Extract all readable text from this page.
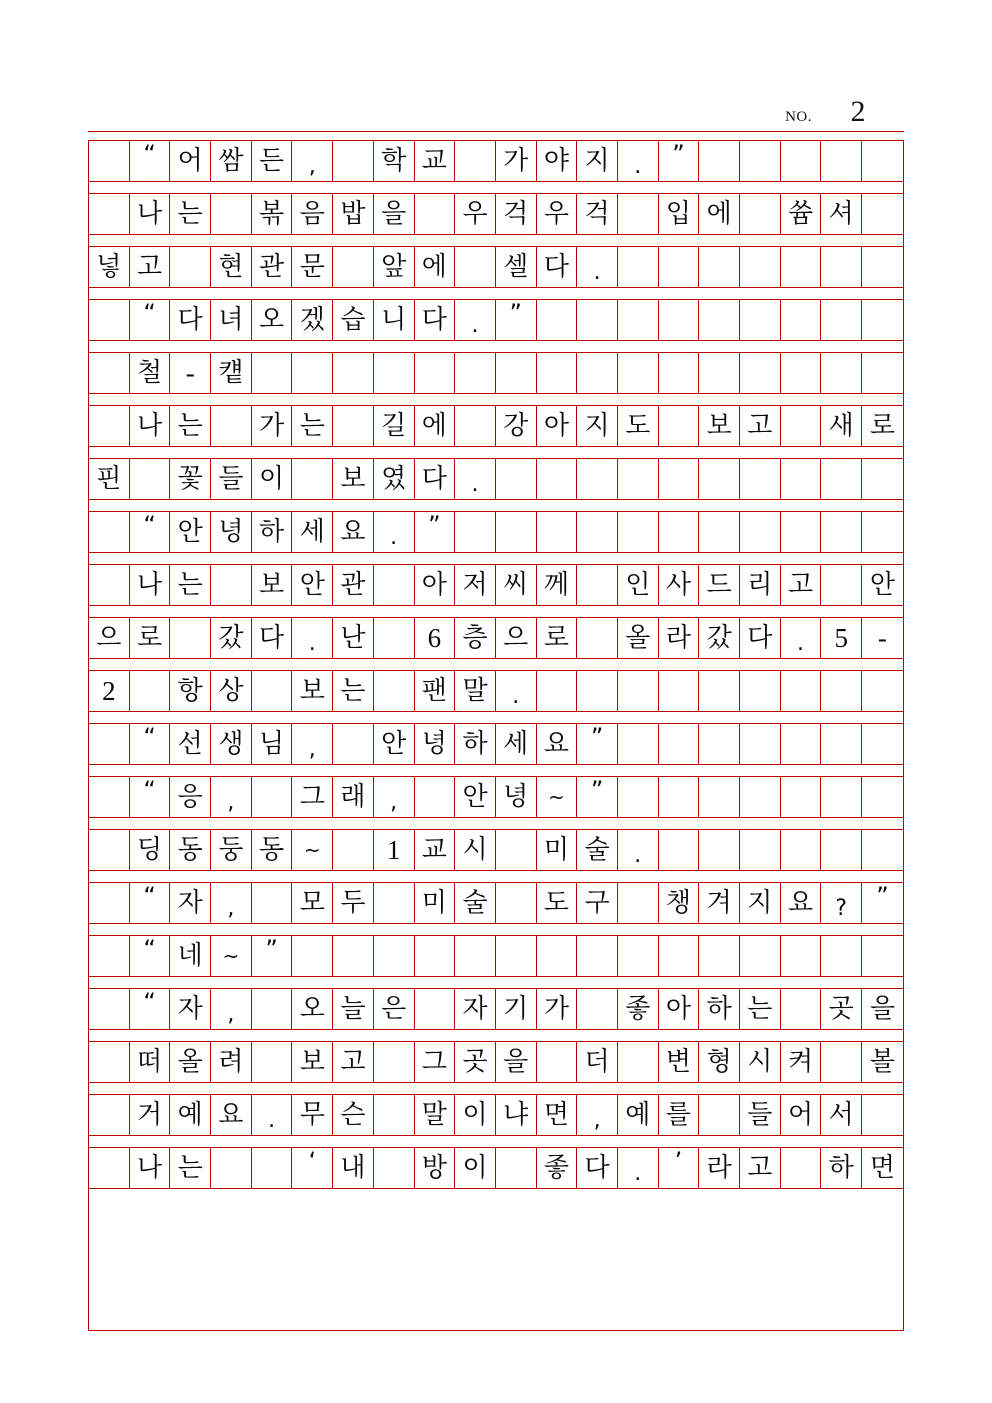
NO.	2
“ 어 쌈 든	,	학 교	가 야 지	.	”
나 는	볶 음 밥 을	우 걱 우 걱	입 에	쓤 셔
넣 고	현 관 문	앞 에	셀 다	.
“ 다 녀 오 겠 습 니 다	.	”
철 - 컡
나 는	가 는	길 에	강 아 지 도	보 고	새 로
핀	꽃 들 이	보 였 다	.
“ 안 녕 하 세 요	.	”
나 는	보 안 관	아 저 씨 께	인 사 드 리 고	안
으 로	갔 다	. 난	6 층 으 로	올 라 갔 다	.	5	-
2	항 상	보 는	팬 말	.
“ 선 생 님	,	안 녕 하 세 요 ”
“ 응	,	그 래	,	안 녕 ~	”
딩 동 둥 동 ~	1 교 시	미 술	.
“ 자	,	모 두	미 술	도 구	챙 겨 지 요	?	”
“ 네 ~	”
“ 자	,	오 늘 은	자 기 가	좋 아 하 는	곳 을
떠 올 려	보 고	그 곳 을	더	변 형 시 켜	볼
거 예 요	. 무 슨	말 이 냐 면	, 예 를	들 어 서
나 는	‘ 내	방 이	좋 다	.	’ 라 고	하 면
